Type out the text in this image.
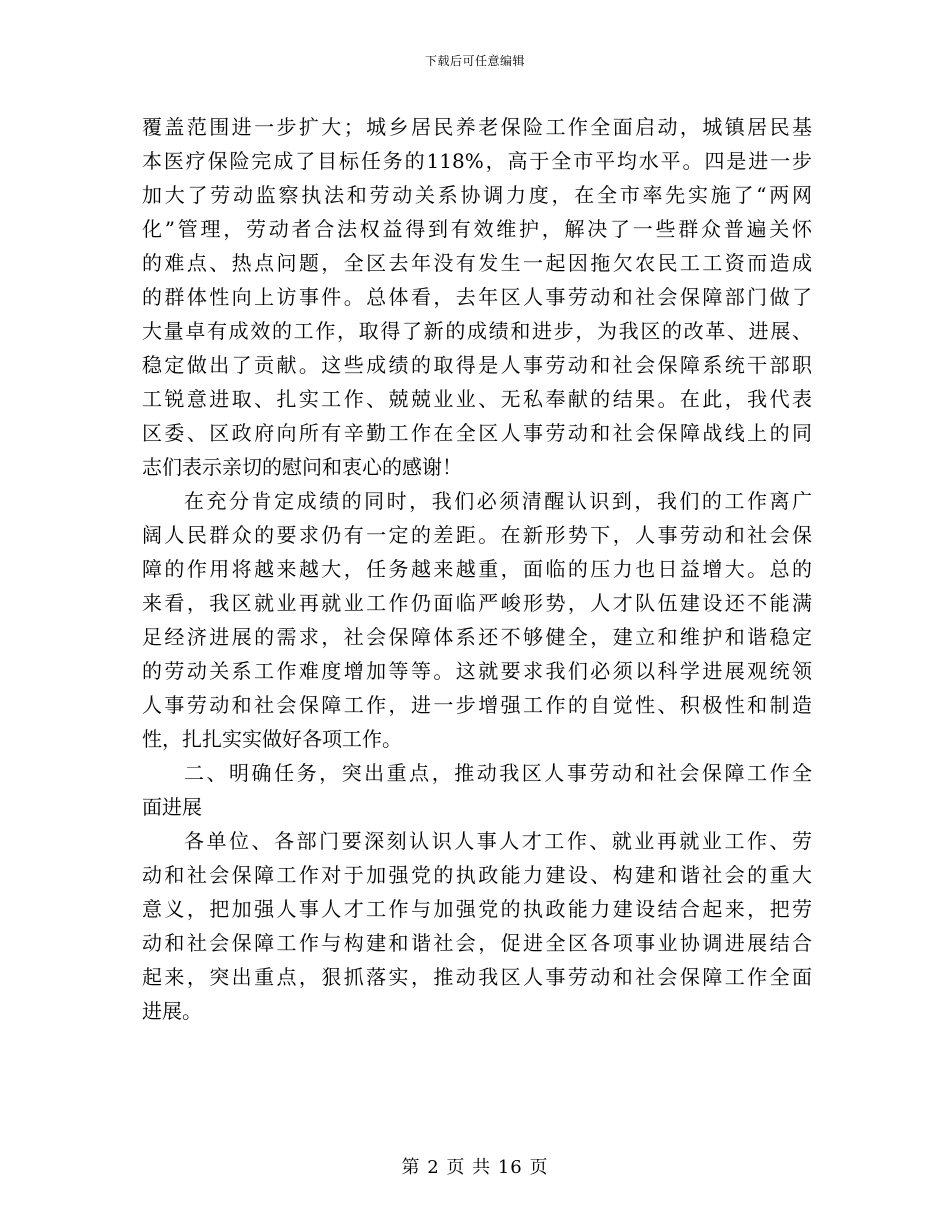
下载后可任意编辑
覆盖范围进一步扩大；城乡居民养老保险工作全面启动，城镇居民基
本医疗保险完成了目标任务的118%，高于全市平均水平。四是进一步
加大了劳动监察执法和劳动关系协调力度，在全市率先实施了“两网
化”管理，劳动者合法权益得到有效维护，解决了一些群众普遍关怀
的难点、热点问题，全区去年没有发生一起因拖欠农民工工资而造成
的群体性向上访事件。总体看，去年区人事劳动和社会保障部门做了
大量卓有成效的工作，取得了新的成绩和进步，为我区的改革、进展、
稳定做出了贡献。这些成绩的取得是人事劳动和社会保障系统干部职
工锐意进取、扎实工作、兢兢业业、无私奉献的结果。在此，我代表
区委、区政府向所有辛勤工作在全区人事劳动和社会保障战线上的同
志们表示亲切的慰问和衷心的感谢！
在充分肯定成绩的同时，我们必须清醒认识到，我们的工作离广
阔人民群众的要求仍有一定的差距。在新形势下，人事劳动和社会保
障的作用将越来越大，任务越来越重，面临的压力也日益增大。总的
来看，我区就业再就业工作仍面临严峻形势，人才队伍建设还不能满
足经济进展的需求，社会保障体系还不够健全，建立和维护和谐稳定
的劳动关系工作难度增加等等。这就要求我们必须以科学进展观统领
人事劳动和社会保障工作，进一步增强工作的自觉性、积极性和制造
性，扎扎实实做好各项工作。
二、明确任务，突出重点，推动我区人事劳动和社会保障工作全
面进展
各单位、各部门要深刻认识人事人才工作、就业再就业工作、劳
动和社会保障工作对于加强党的执政能力建设、构建和谐社会的重大
意义，把加强人事人才工作与加强党的执政能力建设结合起来，把劳
动和社会保障工作与构建和谐社会，促进全区各项事业协调进展结合
起来，突出重点，狠抓落实，推动我区人事劳动和社会保障工作全面
进展。
第 2 页 共 16 页
